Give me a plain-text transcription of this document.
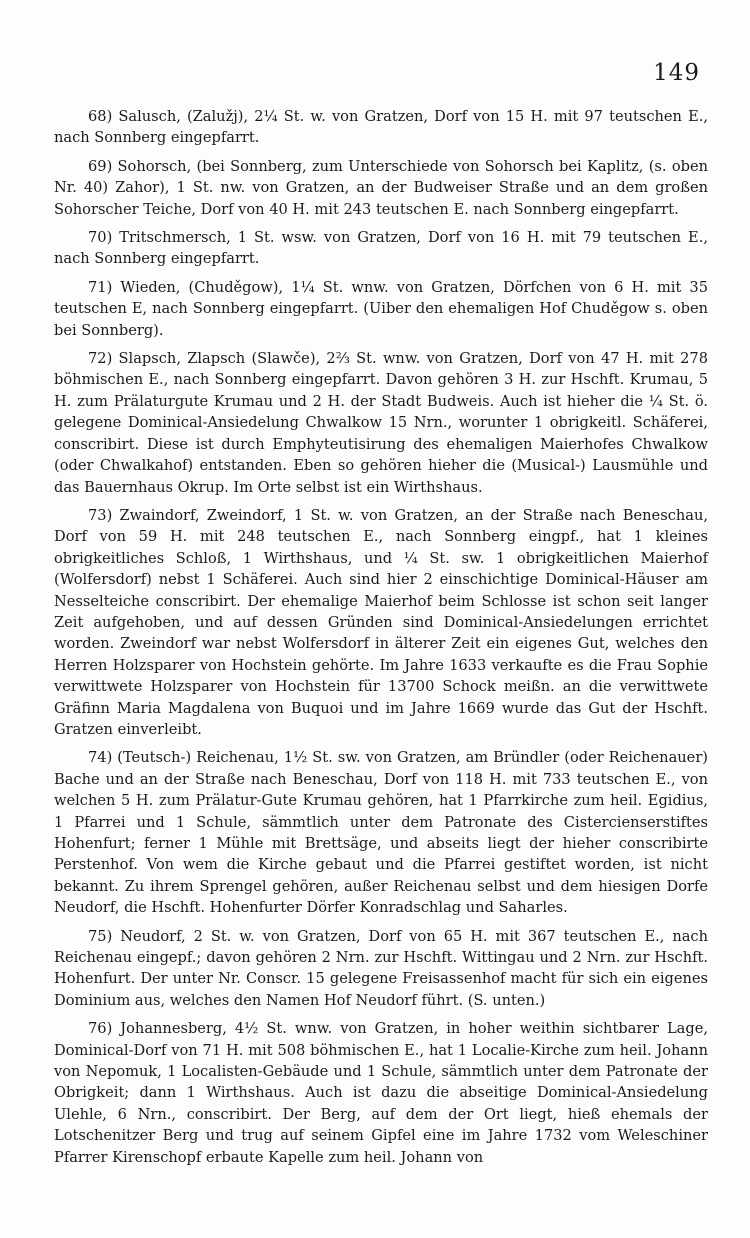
149

68) Salusch, (Zalužj), 2¼ St. w. von Gratzen, Dorf von 15 H. mit 97 teutschen E., nach Sonnberg eingepfarrt.

69) Sohorsch, (bei Sonnberg, zum Unterschiede von Sohorsch bei Kaplitz, (s. oben Nr. 40) Zahor), 1 St. nw. von Gratzen, an der Budweiser Straße und an dem großen Sohorscher Teiche, Dorf von 40 H. mit 243 teutschen E. nach Sonnberg eingepfarrt.

70) Tritschmersch, 1 St. wsw. von Gratzen, Dorf von 16 H. mit 79 teutschen E., nach Sonnberg eingepfarrt.

71) Wieden, (Chuděgow), 1¼ St. wnw. von Gratzen, Dörfchen von 6 H. mit 35 teutschen E, nach Sonnberg eingepfarrt. (Uiber den ehemaligen Hof Chuděgow s. oben bei Sonnberg).

72) Slapsch, Zlapsch (Slawče), 2⅔ St. wnw. von Gratzen, Dorf von 47 H. mit 278 böhmischen E., nach Sonnberg eingepfarrt. Davon gehören 3 H. zur Hschft. Krumau, 5 H. zum Prälaturgute Krumau und 2 H. der Stadt Budweis. Auch ist hieher die ¼ St. ö. gelegene Dominical-Ansiedelung Chwalkow 15 Nrn., worunter 1 obrigkeitl. Schäferei, conscribirt. Diese ist durch Emphyteutisirung des ehemaligen Maierhofes Chwalkow (oder Chwalkahof) entstanden. Eben so gehören hieher die (Musical-) Lausmühle und das Bauernhaus Okrup. Im Orte selbst ist ein Wirthshaus.

73) Zwaindorf, Zweindorf, 1 St. w. von Gratzen, an der Straße nach Beneschau, Dorf von 59 H. mit 248 teutschen E., nach Sonnberg eingpf., hat 1 kleines obrigkeitliches Schloß, 1 Wirthshaus, und ¼ St. sw. 1 obrigkeitlichen Maierhof (Wolfersdorf) nebst 1 Schäferei. Auch sind hier 2 einschichtige Dominical-Häuser am Nesselteiche conscribirt. Der ehemalige Maierhof beim Schlosse ist schon seit langer Zeit aufgehoben, und auf dessen Gründen sind Dominical-Ansiedelungen errichtet worden. Zweindorf war nebst Wolfersdorf in älterer Zeit ein eigenes Gut, welches den Herren Holzsparer von Hochstein gehörte. Im Jahre 1633 verkaufte es die Frau Sophie verwittwete Holzsparer von Hochstein für 13700 Schock meißn. an die verwittwete Gräfinn Maria Magdalena von Buquoi und im Jahre 1669 wurde das Gut der Hschft. Gratzen einverleibt.

74) (Teutsch-) Reichenau, 1½ St. sw. von Gratzen, am Bründler (oder Reichenauer) Bache und an der Straße nach Beneschau, Dorf von 118 H. mit 733 teutschen E., von welchen 5 H. zum Prälatur-Gute Krumau gehören, hat 1 Pfarrkirche zum heil. Egidius, 1 Pfarrei und 1 Schule, sämmtlich unter dem Patronate des Cistercienserstiftes Hohenfurt; ferner 1 Mühle mit Brettsäge, und abseits liegt der hieher conscribirte Perstenhof. Von wem die Kirche gebaut und die Pfarrei gestiftet worden, ist nicht bekannt. Zu ihrem Sprengel gehören, außer Reichenau selbst und dem hiesigen Dorfe Neudorf, die Hschft. Hohenfurter Dörfer Konradschlag und Saharles.

75) Neudorf, 2 St. w. von Gratzen, Dorf von 65 H. mit 367 teutschen E., nach Reichenau eingepf.; davon gehören 2 Nrn. zur Hschft. Wittingau und 2 Nrn. zur Hschft. Hohenfurt. Der unter Nr. Conscr. 15 gelegene Freisassenhof macht für sich ein eigenes Dominium aus, welches den Namen Hof Neudorf führt. (S. unten.)

76) Johannesberg, 4½ St. wnw. von Gratzen, in hoher weithin sichtbarer Lage, Dominical-Dorf von 71 H. mit 508 böhmischen E., hat 1 Localie-Kirche zum heil. Johann von Nepomuk, 1 Localisten-Gebäude und 1 Schule, sämmtlich unter dem Patronate der Obrigkeit; dann 1 Wirthshaus. Auch ist dazu die abseitige Dominical-Ansiedelung Ulehle, 6 Nrn., conscribirt. Der Berg, auf dem der Ort liegt, hieß ehemals der Lotschenitzer Berg und trug auf seinem Gipfel eine im Jahre 1732 vom Weleschiner Pfarrer Kirenschopf erbaute Kapelle zum heil. Johann von
